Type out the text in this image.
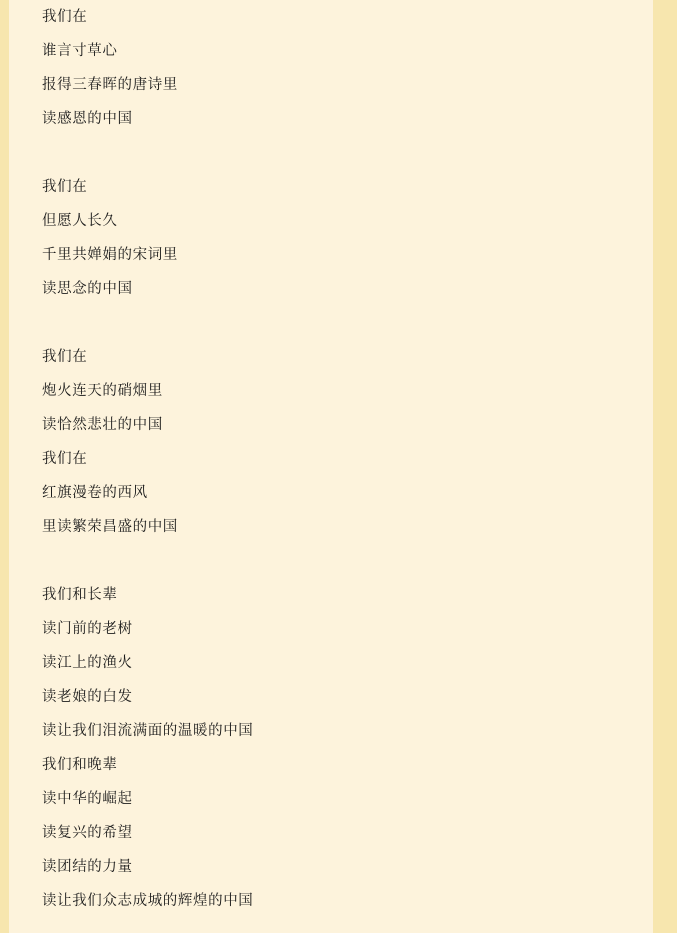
我们在
谁言寸草心
报得三春晖的唐诗里
读感恩的中国
我们在
但愿人长久
千里共婵娟的宋词里
读思念的中国
我们在
炮火连天的硝烟里
读恰然悲壮的中国
我们在
红旗漫卷的西风
里读繁荣昌盛的中国
我们和长辈
读门前的老树
读江上的渔火
读老娘的白发
读让我们泪流满面的温暖的中国
我们和晚辈
读中华的崛起
读复兴的希望
读团结的力量
读让我们众志成城的辉煌的中国
